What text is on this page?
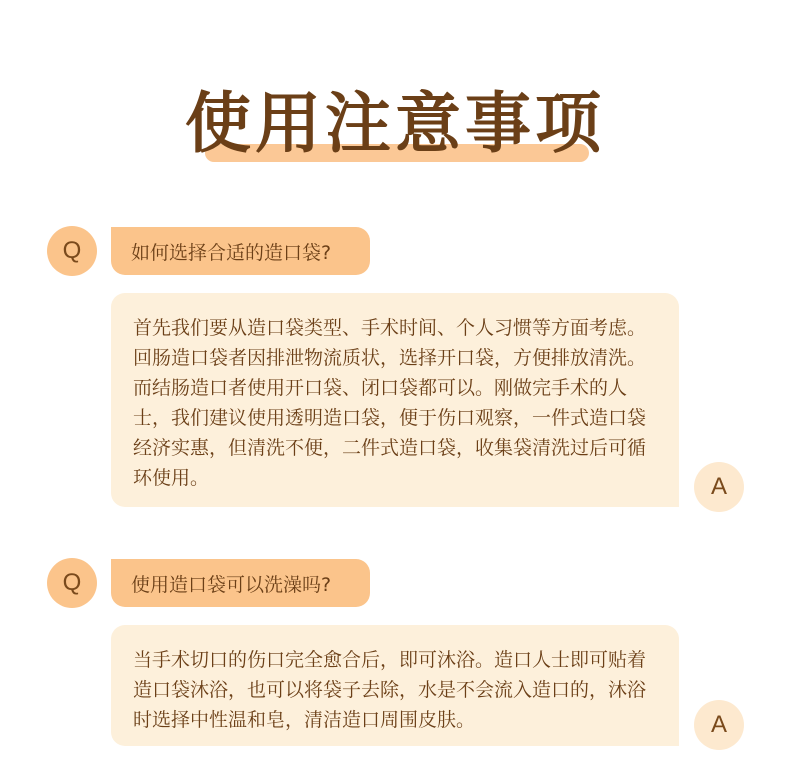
使用注意事项
Q	如何选择合适的造口袋?
首先我们要从造口袋类型、手术时间、个人习惯等方面考虑。回肠造口袋者因排泄物流质状，选择开口袋，方便排放清洗。而结肠造口者使用开口袋、闭口袋都可以。刚做完手术的人士，我们建议使用透明造口袋，便于伤口观察，一件式造口袋经济实惠，但清洗不便，二件式造口袋，收集袋清洗过后可循环使用。	A
Q	使用造口袋可以洗澡吗?
当手术切口的伤口完全愈合后，即可沐浴。造口人士即可贴着造口袋沐浴，也可以将袋子去除，水是不会流入造口的，沐浴时选择中性温和皂，清洁造口周围皮肤。	A
